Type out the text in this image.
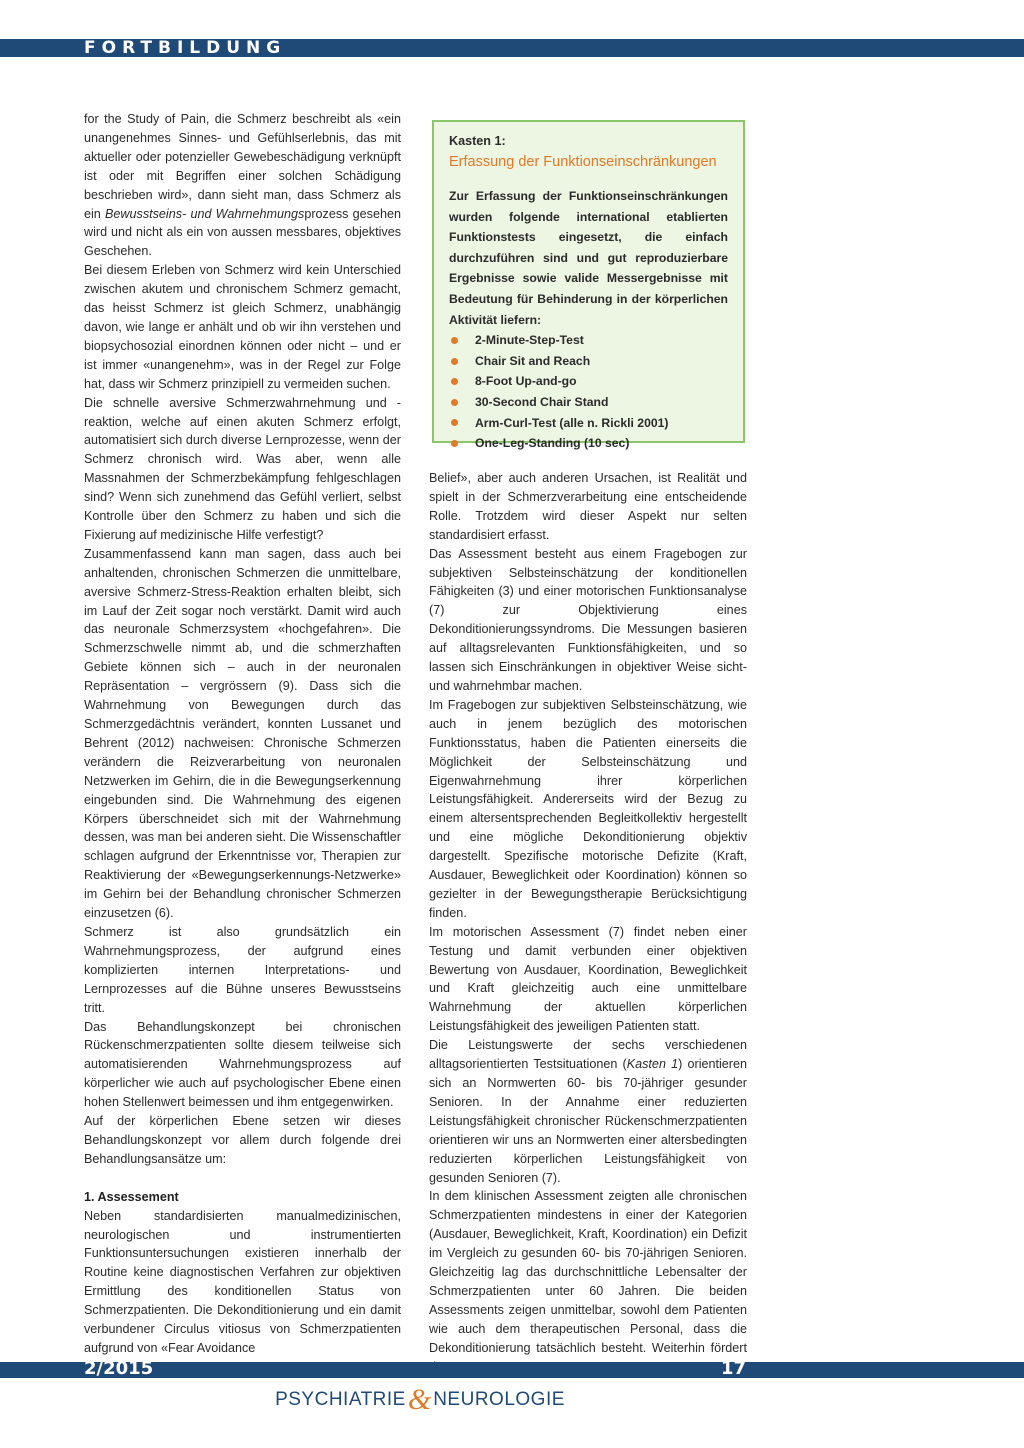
FORTBILDUNG

for the Study of Pain, die Schmerz beschreibt als «ein unangenehmes Sinnes- und Gefühlserlebnis, das mit aktueller oder potenzieller Gewebeschädigung verknüpft ist oder mit Begriffen einer solchen Schädigung beschrieben wird», dann sieht man, dass Schmerz als ein Bewusstseins- und Wahrnehmungsprozess gesehen wird und nicht als ein von aussen messbares, objektives Geschehen.

Bei diesem Erleben von Schmerz wird kein Unterschied zwischen akutem und chronischem Schmerz gemacht, das heisst Schmerz ist gleich Schmerz, unabhängig davon, wie lange er anhält und ob wir ihn verstehen und biopsychosozial einordnen können oder nicht – und er ist immer «unangenehm», was in der Regel zur Folge hat, dass wir Schmerz prinzipiell zu vermeiden suchen.

Die schnelle aversive Schmerzwahrnehmung und -reaktion, welche auf einen akuten Schmerz erfolgt, automatisiert sich durch diverse Lernprozesse, wenn der Schmerz chronisch wird. Was aber, wenn alle Massnahmen der Schmerzbekämpfung fehlgeschlagen sind? Wenn sich zunehmend das Gefühl verliert, selbst Kontrolle über den Schmerz zu haben und sich die Fixierung auf medizinische Hilfe verfestigt?

Zusammenfassend kann man sagen, dass auch bei anhaltenden, chronischen Schmerzen die unmittelbare, aversive Schmerz-Stress-Reaktion erhalten bleibt, sich im Lauf der Zeit sogar noch verstärkt. Damit wird auch das neuronale Schmerzsystem «hochgefahren». Die Schmerzschwelle nimmt ab, und die schmerzhaften Gebiete können sich – auch in der neuronalen Repräsentation – vergrössern (9). Dass sich die Wahrnehmung von Bewegungen durch das Schmerzgedächtnis verändert, konnten Lussanet und Behrent (2012) nachweisen: Chronische Schmerzen verändern die Reizverarbeitung von neuronalen Netzwerken im Gehirn, die in die Bewegungserkennung eingebunden sind. Die Wahrnehmung des eigenen Körpers überschneidet sich mit der Wahrnehmung dessen, was man bei anderen sieht. Die Wissenschaftler schlagen aufgrund der Erkenntnisse vor, Therapien zur Reaktivierung der «Bewegungserkennungs-Netzwerke» im Gehirn bei der Behandlung chronischer Schmerzen einzusetzen (6).

Schmerz ist also grundsätzlich ein Wahrnehmungsprozess, der aufgrund eines komplizierten internen Interpretations- und Lernprozesses auf die Bühne unseres Bewusstseins tritt.

Das Behandlungskonzept bei chronischen Rückenschmerzpatienten sollte diesem teilweise sich automatisierenden Wahrnehmungsprozess auf körperlicher wie auch auf psychologischer Ebene einen hohen Stellenwert beimessen und ihm entgegenwirken.

Auf der körperlichen Ebene setzen wir dieses Behandlungskonzept vor allem durch folgende drei Behandlungsansätze um:

1. Assessement

Neben standardisierten manualmedizinischen, neurologischen und instrumentierten Funktionsuntersuchungen existieren innerhalb der Routine keine diagnostischen Verfahren zur objektiven Ermittlung des konditionellen Status von Schmerzpatienten. Die Dekonditionierung und ein damit verbundener Circulus vitiosus von Schmerzpatienten aufgrund von «Fear Avoidance

Kasten 1:
Erfassung der Funktionseinschränkungen
Zur Erfassung der Funktionseinschränkungen wurden folgende international etablierten Funktionstests eingesetzt, die einfach durchzuführen sind und gut reproduzierbare Ergebnisse sowie valide Messergebnisse mit Bedeutung für Behinderung in der körperlichen Aktivität liefern:
2-Minute-Step-Test
Chair Sit and Reach
8-Foot Up-and-go
30-Second Chair Stand
Arm-Curl-Test (alle n. Rickli 2001)
One-Leg-Standing (10 sec)

Belief», aber auch anderen Ursachen, ist Realität und spielt in der Schmerzverarbeitung eine entscheidende Rolle. Trotzdem wird dieser Aspekt nur selten standardisiert erfasst.

Das Assessment besteht aus einem Fragebogen zur subjektiven Selbsteinschätzung der konditionellen Fähigkeiten (3) und einer motorischen Funktionsanalyse (7) zur Objektivierung eines Dekonditionierungssyndroms. Die Messungen basieren auf alltagsrelevanten Funktionsfähigkeiten, und so lassen sich Einschränkungen in objektiver Weise sicht- und wahrnehmbar machen.

Im Fragebogen zur subjektiven Selbsteinschätzung, wie auch in jenem bezüglich des motorischen Funktionsstatus, haben die Patienten einerseits die Möglichkeit der Selbsteinschätzung und Eigenwahrnehmung ihrer körperlichen Leistungsfähigkeit. Andererseits wird der Bezug zu einem altersentsprechenden Begleitkollektiv hergestellt und eine mögliche Dekonditionierung objektiv dargestellt. Spezifische motorische Defizite (Kraft, Ausdauer, Beweglichkeit oder Koordination) können so gezielter in der Bewegungstherapie Berücksichtigung finden.

Im motorischen Assessment (7) findet neben einer Testung und damit verbunden einer objektiven Bewertung von Ausdauer, Koordination, Beweglichkeit und Kraft gleichzeitig auch eine unmittelbare Wahrnehmung der aktuellen körperlichen Leistungsfähigkeit des jeweiligen Patienten statt.

Die Leistungswerte der sechs verschiedenen alltagsorientierten Testsituationen (Kasten 1) orientieren sich an Normwerten 60- bis 70-jähriger gesunder Senioren. In der Annahme einer reduzierten Leistungsfähigkeit chronischer Rückenschmerzpatienten orientieren wir uns an Normwerten einer altersbedingten reduzierten körperlichen Leistungsfähigkeit von gesunden Senioren (7).

In dem klinischen Assessment zeigten alle chronischen Schmerzpatienten mindestens in einer der Kategorien (Ausdauer, Beweglichkeit, Kraft, Koordination) ein Defizit im Vergleich zu gesunden 60- bis 70-jährigen Senioren. Gleichzeitig lag das durchschnittliche Lebensalter der Schmerzpatienten unter 60 Jahren. Die beiden Assessments zeigen unmittelbar, sowohl dem Patienten wie auch dem therapeutischen Personal, dass die Dekonditionierung tatsächlich besteht. Weiterhin fördert

2/2015	17
PSYCHIATRIE & NEUROLOGIE
